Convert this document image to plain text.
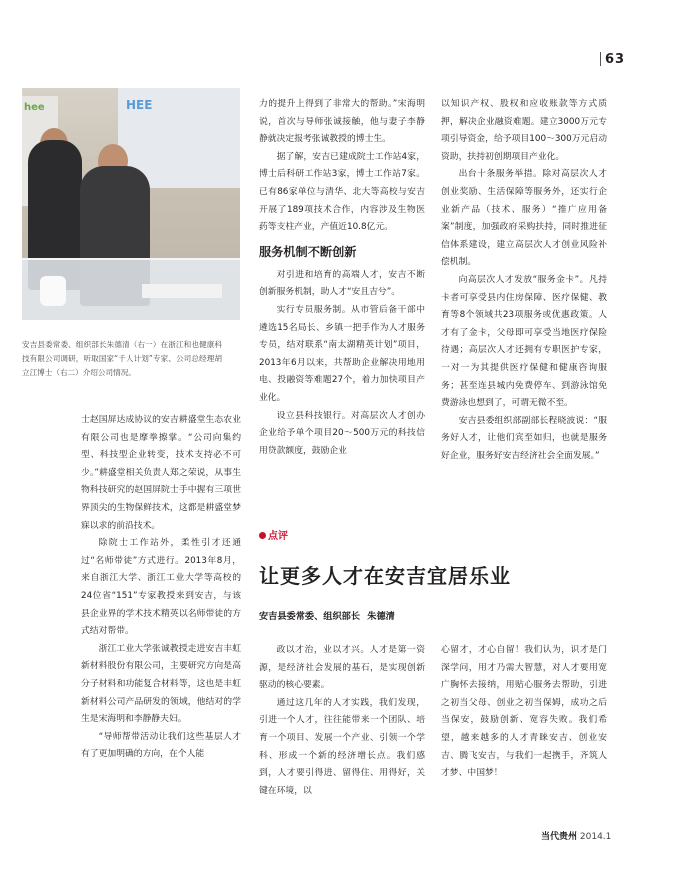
63
hee	HEE
安吉县委常委、组织部长朱德清（右一）在浙江和也健康科技有限公司调研，听取国家“千人计划”专家、公司总经理胡立江博士（右二）介绍公司情况。

士赵国屏达成协议的安吉耕盛堂生态农业有限公司也是摩拳擦掌。“公司向集约型、科技型企业转变，技术支持必不可少。”耕盛堂相关负责人郑之荣说，从事生物科技研究的赵国屏院士手中握有三项世界顶尖的生物保鲜技术，这都是耕盛堂梦寐以求的前沿技术。

除院士工作站外，柔性引才还通过“名师带徒”方式进行。2013年8月，来自浙江大学、浙江工业大学等高校的24位省“151”专家教授来到安吉，与该县企业界的学术技术精英以名师带徒的方式结对帮带。

浙江工业大学张诚教授走进安吉丰虹新材料股份有限公司，主要研究方向是高分子材料和功能复合材料等，这也是丰虹新材料公司产品研发的领域，他结对的学生是宋海明和李静静夫妇。

“导师帮带活动让我们这些基层人才有了更加明确的方向，在个人能

力的提升上得到了非常大的帮助。”宋海明说，首次与导师张诚接触，他与妻子李静静就决定报考张诚教授的博士生。

据了解，安吉已建成院士工作站4家，博士后科研工作站3家，博士工作站7家。已有86家单位与清华、北大等高校与安吉开展了189项技术合作，内容涉及生物医药等支柱产业，产值近10.8亿元。

服务机制不断创新

对引进和培育的高端人才，安吉不断创新服务机制，助人才“安且吉兮”。

实行专员服务制。从市管后备干部中遴选15名局长、乡镇一把手作为人才服务专员，结对联系“南太湖精英计划”项目，2013年6月以来，共帮助企业解决用地用电、投融资等难题27个，着力加快项目产业化。

设立县科技银行。对高层次人才创办企业给予单个项目20～500万元的科技信用贷款额度，鼓励企业

以知识产权、股权和应收账款等方式质押，解决企业融资难题。建立3000万元专项引导资金，给予项目100～300万元启动资助，扶持初创期项目产业化。

出台十条服务举措。除对高层次人才创业奖励、生活保障等服务外，还实行企业新产品（技术、服务）“推广应用备案”制度，加强政府采购扶持，同时推进征信体系建设，建立高层次人才创业风险补偿机制。

向高层次人才发放“服务金卡”。凡持卡者可享受县内住房保障、医疗保健、教育等8个领域共23项服务或优惠政策。人才有了金卡，父母即可享受当地医疗保险待遇；高层次人才还拥有专职医护专家，一对一为其提供医疗保健和健康咨询服务；甚至连县城内免费停车、到游泳馆免费游泳也想到了，可谓无微不至。

安吉县委组织部副部长程晓波说：“服务好人才，让他们宾至如归，也就是服务好企业，服务好安吉经济社会全面发展。”

点评
让更多人才在安吉宜居乐业
安吉县委常委、组织部长 朱德清

政以才治，业以才兴。人才是第一资源，是经济社会发展的基石，是实现创新驱动的核心要素。

通过这几年的人才实践，我们发现，引进一个人才，往往能带来一个团队、培育一个项目、发展一个产业、引领一个学科、形成一个新的经济增长点。我们感到，人才要引得进、留得住、用得好，关键在环境，以

心留才，才心自留！我们认为，识才是门深学问，用才乃需大智慧，对人才要用宽广胸怀去接纳，用贴心服务去帮助，引进之初当父母、创业之初当保姆，成功之后当保安，鼓励创新、宽容失败。我们希望，越来越多的人才青睐安吉、创业安吉、腾飞安吉，与我们一起携手，齐筑人才梦、中国梦！

当代贵州 2014.1
